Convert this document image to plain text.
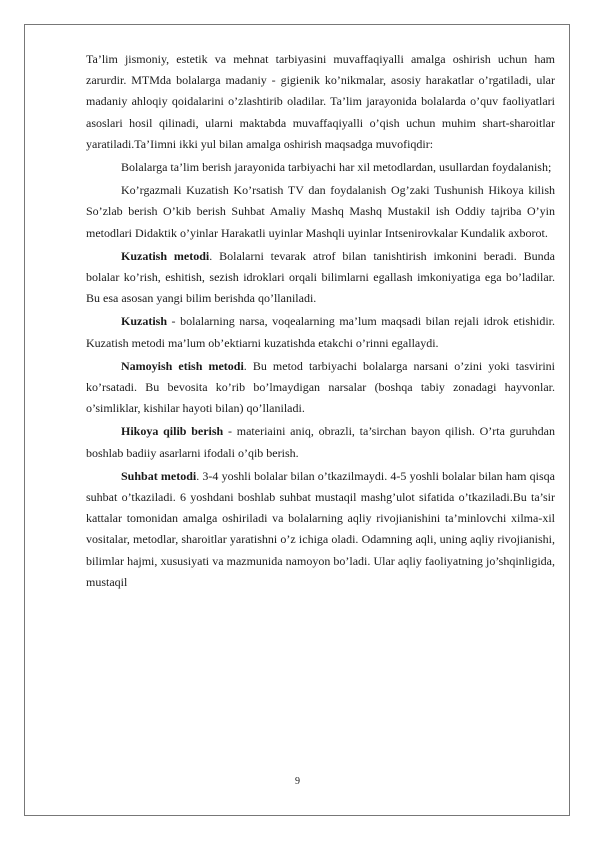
Ta’lim jismoniy, estetik va mehnat tarbiyasini muvaffaqiyalli amalga oshirish uchun ham zarurdir. MTMda bolalarga madaniy - gigienik ko’nikmalar, asosiy harakatlar o’rgatiladi, ular madaniy ahloqiy qoidalarini o’zlashtirib oladilar. Ta’lim jarayonida bolalarda o’quv faoliyatlari asoslari hosil qilinadi, ularni maktabda muvaffaqiyalli o’qish uchun muhim shart-sharoitlar yaratiladi.Ta’Iimni ikki yul bilan amalga oshirish maqsadga muvofiqdir:

Bolalarga ta’lim berish jarayonida tarbiyachi har xil metodlardan, usullardan foydalanish;

Ko’rgazmali Kuzatish Ko’rsatish TV dan foydalanish Og’zaki Tushunish Hikoya kilish So’zlab berish O’kib berish Suhbat Amaliy Mashq Mashq Mustakil ish Oddiy tajriba O’yin metodlari Didaktik o’yinlar Harakatli uyinlar Mashqli uyinlar Intsenirovkalar Kundalik axborot.

Kuzatish metodi. Bolalarni tevarak atrof bilan tanishtirish imkonini beradi. Bunda bolalar ko’rish, eshitish, sezish idroklari orqali bilimlarni egallash imkoniyatiga ega bo’ladilar. Bu esa asosan yangi bilim berishda qo’llaniladi.

Kuzatish - bolalarning narsa, voqealarning ma’lum maqsadi bilan rejali idrok etishidir. Kuzatish metodi ma’lum ob’ektiarni kuzatishda etakchi o’rinni egallaydi.

Namoyish etish metodi. Bu metod tarbiyachi bolalarga narsani o’zini yoki tasvirini ko’rsatadi. Bu bevosita ko’rib bo’lmaydigan narsalar (boshqa tabiy zonadagi hayvonlar. o’simliklar, kishilar hayoti bilan) qo’llaniladi.

Hikoya qilib berish - materiaini aniq, obrazli, ta’sirchan bayon qilish. O’rta guruhdan boshlab badiiy asarlarni ifodali o’qib berish.

Suhbat metodi. 3-4 yoshli bolalar bilan o’tkazilmaydi. 4-5 yoshli bolalar bilan ham qisqa suhbat o’tkaziladi. 6 yoshdani boshlab suhbat mustaqil mashg’ulot sifatida o’tkaziladi.Bu ta’sir kattalar tomonidan amalga oshiriladi va bolalarning aqliy rivojianishini ta’minlovchi xilma-xil vositalar, metodlar, sharoitlar yaratishni o’z ichiga oladi. Odamning aqli, uning aqliy rivojianishi, bilimlar hajmi, xususiyati va mazmunida namoyon bo’ladi. Ular aqliy faoliyatning jo’shqinligida, mustaqil

9
